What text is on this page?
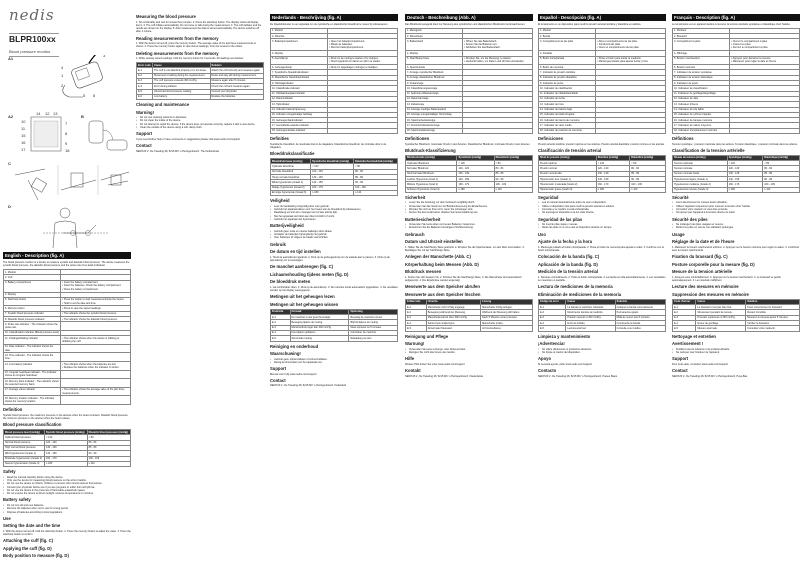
nedis
BLPR100xx
Blood pressure monitor
A1
1
2
3
4
5 6
A2
7
8
9
10
11
14 12 13
15
16
17	18
B
C
D
English - Description (fig. A)
The blood pressure monitor is a device to measure systolic and diastolic blood pressure. The device measures the systolic blood pressure, the diastolic blood pressure and the pulse rate of an adult individual.
1. Monitor	
2. Cuff	
3. Battery compartment	• Insert the battery compartment
• Insert the batteries. Check the battery compartment.
• Close the battery compartment.
4. Display	
5. Start/stop button	• Press the button to start measurement/stop the device.
• Hold to set the date and time.
6. Memory button	• Press to view the stored readings.
7. Systolic blood pressure indicator	• The indicator shows the systolic blood pressure.
8. Diastolic blood pressure indicator	• The indicator shows the diastolic blood pressure.
9. Pulse rate indicator - The indicator shows the pulse rate.	
10. Classification indicator (Blood pressure level)	
11. Inflating/deflating indicator	• The indicator shows when the device is inflating or deflating the cuff.
12. Date indicator - The indicator shows the date.	
13. Time indicator - The indicator shows the time.	
14. Low battery indicator	• The indicator shows when the batteries are low.
• Replace the batteries when the indicator is shown.
15. Irregular heartbeat indicator - The indicator shows an irregular heartbeat.	
16. Memory bank indicator - The indicator shows the selected memory bank.	
17. Average value indicator	• The indicator shows the average value of the last three measurements.
18. Memory location indicator - The indicator shows the memory location.	
Definition
Systolic blood pressure: the maximum pressure in the arteries when the heart contracts. Diastolic blood pressure: the minimum pressure in the arteries when the heart relaxes.
Blood pressure classification
Blood pressure level (mmHg)	Systolic blood pressure (mmHg)	Diastolic blood pressure (mmHg)
Optimal blood pressure	< 120	< 80
Normal blood pressure	120 - 129	80 - 84
High normal blood pressure	130 - 139	85 - 89
Mild hypertension (Grade 1)	140 - 159	90 - 99
Moderate hypertension (Grade 2)	160 - 179	100 - 109
Severe hypertension (Grade 3)	≥ 180	≥ 110
Safety
• Read the manual carefully before using the device.
• Only use the device for measuring blood pressure on the wrist of adults.
• Do not use the device on infants, children or persons who cannot express themselves.
• Consult your physician before use if you are pregnant or suffer from arrhythmia.
• Do not use the device in the presence of flammable anaesthetic gases.
• Do not expose the device to direct sunlight, extreme temperatures or moisture.
Battery safety
• Do not mix old and new batteries.
• Remove the batteries when not in use for a long period.
• Dispose of batteries according to local regulations.
Use
Setting the date and the time
1. With the device turned off, hold the start/stop button. 2. Press the memory button to adjust the value. 3. Press the start/stop button to confirm.
Attaching the cuff (fig. C)
Applying the cuff (fig. D)
Body position to measure (fig. D)
Measuring the blood pressure
1. Sit comfortably and rest for at least five minutes. 2. Press the start/stop button. The display shows all display items. 3. The cuff inflates automatically. Do not move or talk during the measurement. 4. The cuff deflates and the results are shown on the display. 5. After measurement the data is stored automatically. The device switches off after 1 minute.
Reading measurements from the memory
1. With the device turned off, press the memory button. The average value of the last three measurements is shown. 2. Press the memory button again to view stored readings, from the newest to the oldest.
Deleting measurements from the memory
1. While viewing stored readings, hold the memory button for 3 seconds. All readings are deleted.
Error code	Cause	Solution
E-1	The cuff is not attached properly or is too loose.	Attach the cuff correctly and measure again.
E-2	Movement or talking during the measurement.	Relax and stay still during measurement.
E-3	The cuff pressure exceeds 300 mmHg.	Measure again after 5 minutes.
E-4	Error during inflation.	Check the cuff and measure again.
E-5	Abnormal blood pressure reading.	Consult your physician.
E-6	Low battery.	Replace the batteries.
Cleaning and maintenance
Warning!
• Do not use cleaning solvents or abrasives.
• Do not clean the inside of the device.
• Do not attempt to repair the device. If the device does not operate correctly, replace it with a new device.
• Clean the outside of the device using a soft, damp cloth.
Support
If you need further help or have comments or suggestions please visit www.nedis.com/support
Contact
NEDIS B.V., De Tweeling 28, 5215 MC 's-Hertogenbosch, The Netherlands
Nederlands - Beschrijving (fig. A)
De bloeddrukmeter is een apparaat om de systolische en diastolische bloeddruk te meten bij volwassenen.
1. Monitor	
2. Manchet	
3. Batterijcompartiment	• Open het batterijcompartiment.
• Plaats de batterijen.
• Sluit het batterijcompartiment.
4. Display	
5. Aan/uitknop	• Druk om de meting te starten of te stoppen.
• Houd ingedrukt om datum en tijd in te stellen.
6. Geheugenknop	• Druk om opgeslagen metingen te bekijken.
7. Systolische bloeddrukindicator	
8. Diastolische bloeddrukindicator	
9. Hartslagindicator	
10. Classificatie-indicator	
11. Opblaas/leeglaat-indicator	
12. Datumindicator	
13. Tijdindicator	
14. Indicator batterij bijna leeg	
15. Indicator onregelmatige hartslag	
16. Geheugenbankindicator	
17. Gemiddelde-waarde-indicator	
18. Geheugenlocatie-indicator	
Definities
Systolische bloeddruk: de maximale druk in de slagaders. Diastolische bloeddruk: de minimale druk in de slagaders.
Bloeddrukclassificatie
Bloeddrukniveau (mmHg)	Systolische bloeddruk (mmHg)	Diastolische bloeddruk (mmHg)
Optimale bloeddruk	< 120	< 80
Normale bloeddruk	120 - 129	80 - 84
Hoog normale bloeddruk	130 - 139	85 - 89
Milde hypertensie (Graad 1)	140 - 159	90 - 99
Matige hypertensie (Graad 2)	160 - 179	100 - 109
Ernstige hypertensie (Graad 3)	≥ 180	≥ 110
Veiligheid
• Lees de handleiding zorgvuldig door voor gebruik.
• Gebruik het apparaat alleen voor het meten van de bloeddruk bij volwassenen.
• Raadpleeg uw arts als u zwanger bent of aan aritmie lijdt.
• Stel het apparaat niet bloot aan direct zonlicht of vocht.
• Gebruik het apparaat niet bij kinderen.
Batterijveiligheid
• Gebruik geen oude en nieuwe batterijen door elkaar.
• Verwijder de batterijen bij langdurig niet gebruik.
• Voer batterijen af volgens de lokale voorschriften.
Gebruik
De datum en tijd instellen
1. Houd de aan/uitknop ingedrukt. 2. Druk op de geheugenknop om de waarde aan te passen. 3. Druk op de aan/uitknop om te bevestigen.
De manchet aanbrengen (fig. C)
Lichaamshouding tijdens meten (fig. D)
De bloeddruk meten
1. Ga comfortabel zitten. 2. Druk op de aan/uitknop. 3. De manchet wordt automatisch opgeblazen. 4. De resultaten worden op het display weergegeven.
Metingen uit het geheugen lezen
Metingen uit het geheugen wissen
Foutcode	Oorzaak	Oplossing
E-1	De manchet is niet goed bevestigd.	Bevestig de manchet correct.
E-2	Beweging tijdens de meting.	Blijf stil tijdens de meting.
E-3	Manchetdruk hoger dan 300 mmHg.	Meet opnieuw na 5 minuten.
E-4	Fout tijdens opblazen.	Controleer de manchet.
E-5	Abnormale meting.	Raadpleeg uw arts.
Reiniging en onderhoud
Waarschuwing!
• Gebruik geen oplosmiddelen of schuurmiddelen.
• Reinig de binnenkant van het apparaat niet.
Support
Bezoek voor hulp www.nedis.com/support
Contact
NEDIS B.V., De Tweeling 28, 5215 MC 's-Hertogenbosch, Nederland
Deutsch - Beschreibung (Abb. A)
Das Blutdruckmessgerät dient zur Messung des systolischen und diastolischen Blutdrucks bei Erwachsenen.
1. Messgerät	
2. Manschette	
3. Batteriefach	• Öffnen Sie das Batteriefach.
• Setzen Sie die Batterien ein.
• Schließen Sie das Batteriefach.
4. Display	
5. Start/Stopp-Taste	• Drücken Sie, um die Messung zu starten.
• Gedrückt halten, um Datum und Uhrzeit einzustellen.
6. Speichertaste	
7. Anzeige systolischer Blutdruck	
8. Anzeige diastolischer Blutdruck	
9. Pulsanzeige	
10. Klassifizierungsanzeige	
11. Aufpump-/Ablassanzeige	
12. Datumsanzeige	
13. Zeitanzeige	
14. Anzeige niedriger Batteriestand	
15. Anzeige unregelmäßiger Herzschlag	
16. Speicherbankanzeige	
17. Durchschnittswertanzeige	
18. Speicherplatzanzeige	
Definitionen
Systolischer Blutdruck: maximaler Druck in den Arterien. Diastolischer Blutdruck: minimaler Druck in den Arterien.
Blutdruck-Klassifizierung
Blutdruckstufe (mmHg)	Systolisch (mmHg)	Diastolisch (mmHg)
Optimaler Blutdruck	< 120	< 80
Normaler Blutdruck	120 - 129	80 - 84
Hochnormaler Blutdruck	130 - 139	85 - 89
Leichte Hypertonie (Grad 1)	140 - 159	90 - 99
Mittlere Hypertonie (Grad 2)	160 - 179	100 - 109
Schwere Hypertonie (Grad 3)	≥ 180	≥ 110
Sicherheit
• Lesen Sie die Anleitung vor dem Gebrauch sorgfältig durch.
• Verwenden Sie das Gerät nur zur Blutdruckmessung bei Erwachsenen.
• Wenden Sie sich an Ihren Arzt, wenn Sie schwanger sind.
• Setzen Sie das Gerät keiner direkten Sonneneinstrahlung aus.
Batteriesicherheit
• Verwenden Sie keine alten und neuen Batterien zusammen.
• Entnehmen Sie die Batterien bei längerer Nichtbenutzung.
Gebrauch
Datum und Uhrzeit einstellen
1. Halten Sie die Start/Stopp-Taste gedrückt. 2. Drücken Sie die Speichertaste, um den Wert einzustellen. 3. Bestätigen Sie mit der Start/Stopp-Taste.
Anlegen der Manschette (Abb. C)
Körperhaltung beim Messen (Abb. D)
Blutdruck messen
1. Setzen Sie sich bequem hin. 2. Drücken Sie die Start/Stopp-Taste. 3. Die Manschette wird automatisch aufgepumpt. 4. Die Ergebnisse werden angezeigt.
Messwerte aus dem Speicher abrufen
Messwerte aus dem Speicher löschen
Fehlercode	Ursache	Lösung
E-1	Manschette nicht richtig angelegt.	Manschette richtig anlegen.
E-2	Bewegung während der Messung.	Während der Messung still halten.
E-3	Manschettendruck über 300 mmHg.	Nach 5 Minuten erneut messen.
E-4	Fehler beim Aufpumpen.	Manschette prüfen.
E-5	Abnormaler Messwert.	Arzt konsultieren.
Reinigung und Pflege
Warnung!
• Verwenden Sie keine Lösungs- oder Scheuermittel.
• Reinigen Sie nicht das Innere des Geräts.
Hilfe
Weitere Hilfe finden Sie unter www.nedis.com/support
Kontakt
NEDIS B.V., De Tweeling 28, 5215 MC 's-Hertogenbosch, Niederlande
Español - Descripción (fig. A)
El tensiómetro es un dispositivo para medir la presión arterial sistólica y diastólica en adultos.
1. Monitor	
2. Banda	
3. Compartimento de las pilas	• Abra el compartimento de las pilas.
• Introduzca las pilas.
• Cierre el compartimento de las pilas.
4. Pantalla	
5. Botón inicio/parada	• Pulse el botón para iniciar la medición.
• Mantenga pulsado para ajustar fecha y hora.
6. Botón de memoria	
7. Indicador de presión sistólica	
8. Indicador de presión diastólica	
9. Indicador de pulso	
10. Indicador de clasificación	
11. Indicador de inflado/desinflado	
12. Indicador de fecha	
13. Indicador de hora	
14. Indicador de batería baja	
15. Indicador de latido irregular	
16. Indicador de banco de memoria	
17. Indicador de valor medio	
18. Indicador de posición de memoria	
Definiciones
Presión arterial sistólica: presión máxima en las arterias. Presión arterial diastólica: presión mínima en las arterias.
Clasificación de tensión arterial
Nivel de presión (mmHg)	Sistólica (mmHg)	Diastólica (mmHg)
Presión óptima	< 120	< 80
Presión normal	120 - 129	80 - 84
Presión normal alta	130 - 139	85 - 89
Hipertensión leve (Grado 1)	140 - 159	90 - 99
Hipertensión moderada (Grado 2)	160 - 179	100 - 109
Hipertensión grave (Grado 3)	≥ 180	≥ 110
Seguridad
• Lea el manual detenidamente antes de usar el dispositivo.
• Utilice el dispositivo solo para medir la presión arterial en adultos.
• Consulte a su médico si está embarazada.
• No exponga el dispositivo a la luz solar directa.
Seguridad de las pilas
• No mezcle pilas viejas y nuevas.
• Retire las pilas si no va a usar el dispositivo durante un tiempo.
Uso
Ajuste de la fecha y la hora
1. Mantenga pulsado el botón inicio/parada. 2. Pulse el botón de memoria para ajustar el valor. 3. Confirme con el botón inicio/parada.
Colocación de la banda (fig. C)
Aplicación de la banda (fig. D)
Medición de la tensión arterial
1. Siéntese cómodamente. 2. Pulse el botón inicio/parada. 3. La banda se infla automáticamente. 4. Los resultados se muestran en pantalla.
Lectura de mediciones de la memoria
Eliminación de mediciones de la memoria
Código de error	Causa	Solución
E-1	La banda no está bien colocada.	Coloque la banda correctamente.
E-2	Movimiento durante la medición.	Permanezca quieto.
E-3	Presión superior a 300 mmHg.	Mida de nuevo tras 5 minutos.
E-4	Error de inflado.	Compruebe la banda.
E-5	Lectura anormal.	Consulte a su médico.
Limpieza y mantenimiento
¡Advertencia!
• No utilice disolventes ni productos abrasivos.
• No limpie el interior del dispositivo.
Apoyo
Si necesita ayuda, visite www.nedis.com/support
Contacto
NEDIS B.V., De Tweeling 28, 5215 MC 's-Hertogenbosch, Países Bajos
Français - Description (fig. A)
Le tensiomètre est un appareil destiné à mesurer la tension artérielle systolique et diastolique chez l'adulte.
1. Moniteur	
2. Brassard	
3. Compartiment à piles	• Ouvrez le compartiment à piles.
• Insérez les piles.
• Fermez le compartiment à piles.
4. Affichage	
5. Bouton marche/arrêt	• Appuyez pour démarrer la mesure.
• Maintenez pour régler la date et l'heure.
6. Bouton mémoire	
7. Indicateur de tension systolique	
8. Indicateur de tension diastolique	
9. Indicateur de pouls	
10. Indicateur de classification	
11. Indicateur de gonflage/dégonflage	
12. Indicateur de date	
13. Indicateur d'heure	
14. Indicateur de pile faible	
15. Indicateur de rythme irrégulier	
16. Indicateur de banque mémoire	
17. Indicateur de valeur moyenne	
18. Indicateur d'emplacement mémoire	
Définitions
Tension systolique : pression maximale dans les artères. Tension diastolique : pression minimale dans les artères.
Classification de la tension artérielle
Niveau de tension (mmHg)	Systolique (mmHg)	Diastolique (mmHg)
Tension optimale	< 120	< 80
Tension normale	120 - 129	80 - 84
Tension normale haute	130 - 139	85 - 89
Hypertension légère (Grade 1)	140 - 159	90 - 99
Hypertension modérée (Grade 2)	160 - 179	100 - 109
Hypertension sévère (Grade 3)	≥ 180	≥ 110
Sécurité
• Lisez attentivement le manuel avant utilisation.
• Utilisez l'appareil uniquement pour mesurer la tension chez l'adulte.
• Consultez votre médecin si vous êtes enceinte.
• N'exposez pas l'appareil à la lumière directe du soleil.
Sécurité des piles
• Ne mélangez pas piles usagées et neuves.
• Retirez les piles en cas de non-utilisation prolongée.
Usage
Réglage de la date et de l'heure
1. Maintenez le bouton marche/arrêt enfoncé. 2. Appuyez sur le bouton mémoire pour régler la valeur. 3. Confirmez avec le bouton marche/arrêt.
Fixation du brassard (fig. C)
Posture corporelle pour la mesure (fig. D)
Mesure de la tension artérielle
1. Asseyez-vous confortablement. 2. Appuyez sur le bouton marche/arrêt. 3. Le brassard se gonfle automatiquement. 4. Les résultats s'affichent.
Lecture des mesures en mémoire
Suppression des mesures en mémoire
Code d'erreur	Cause	Solution
E-1	Le brassard n'est pas bien fixé.	Fixez correctement le brassard.
E-2	Mouvement pendant la mesure.	Restez immobile.
E-3	Pression supérieure à 300 mmHg.	Mesurez à nouveau après 5 minutes.
E-4	Erreur de gonflage.	Vérifiez le brassard.
E-5	Mesure anormale.	Consultez votre médecin.
Nettoyage et entretien
Avertissement !
• N'utilisez pas de solvants ni de produits abrasifs.
• Ne nettoyez pas l'intérieur de l'appareil.
Support
Pour toute aide, consultez www.nedis.com/support
Contact
NEDIS B.V., De Tweeling 28, 5215 MC 's-Hertogenbosch, Pays-Bas
